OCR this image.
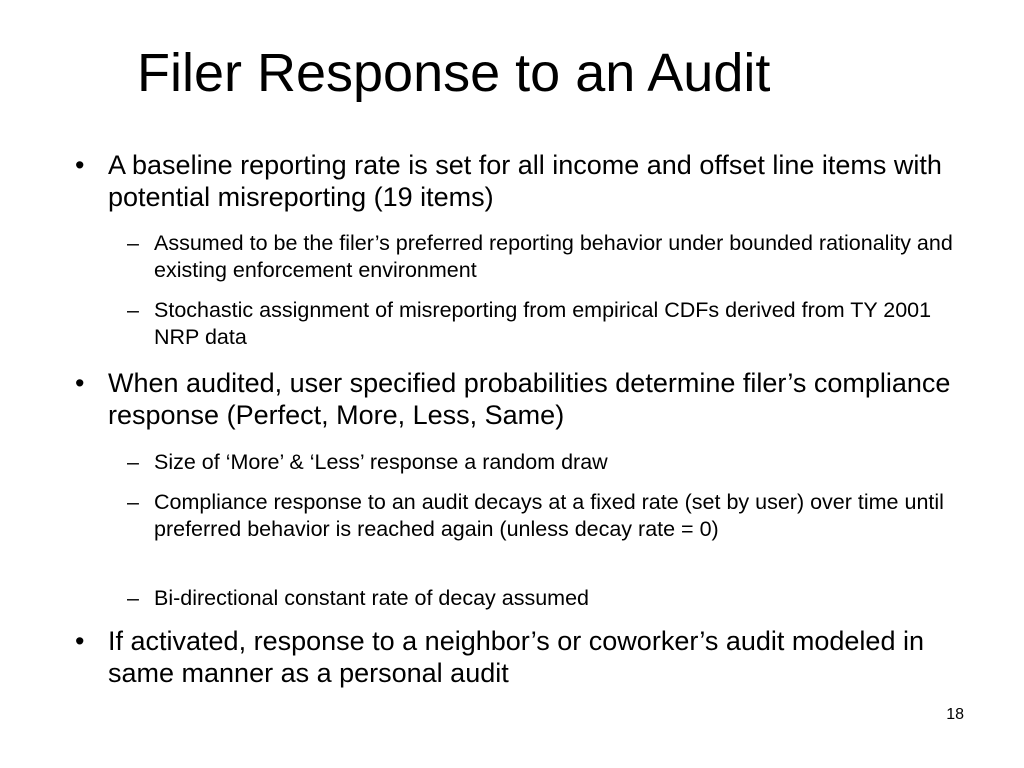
Filer Response to an Audit
• A baseline reporting rate is set for all income and offset line items with potential misreporting (19 items)
– Assumed to be the filer’s preferred reporting behavior under bounded rationality and existing enforcement environment
– Stochastic assignment of misreporting from empirical CDFs derived from TY 2001 NRP data
• When audited, user specified probabilities determine filer’s compliance response (Perfect, More, Less, Same)
– Size of ‘More’ & ‘Less’ response a random draw
– Compliance response to an audit decays at a fixed rate (set by user) over time until preferred behavior is reached again (unless decay rate = 0)
– Bi-directional constant rate of decay assumed
• If activated, response to a neighbor’s or coworker’s audit modeled in same manner as a personal audit
18
